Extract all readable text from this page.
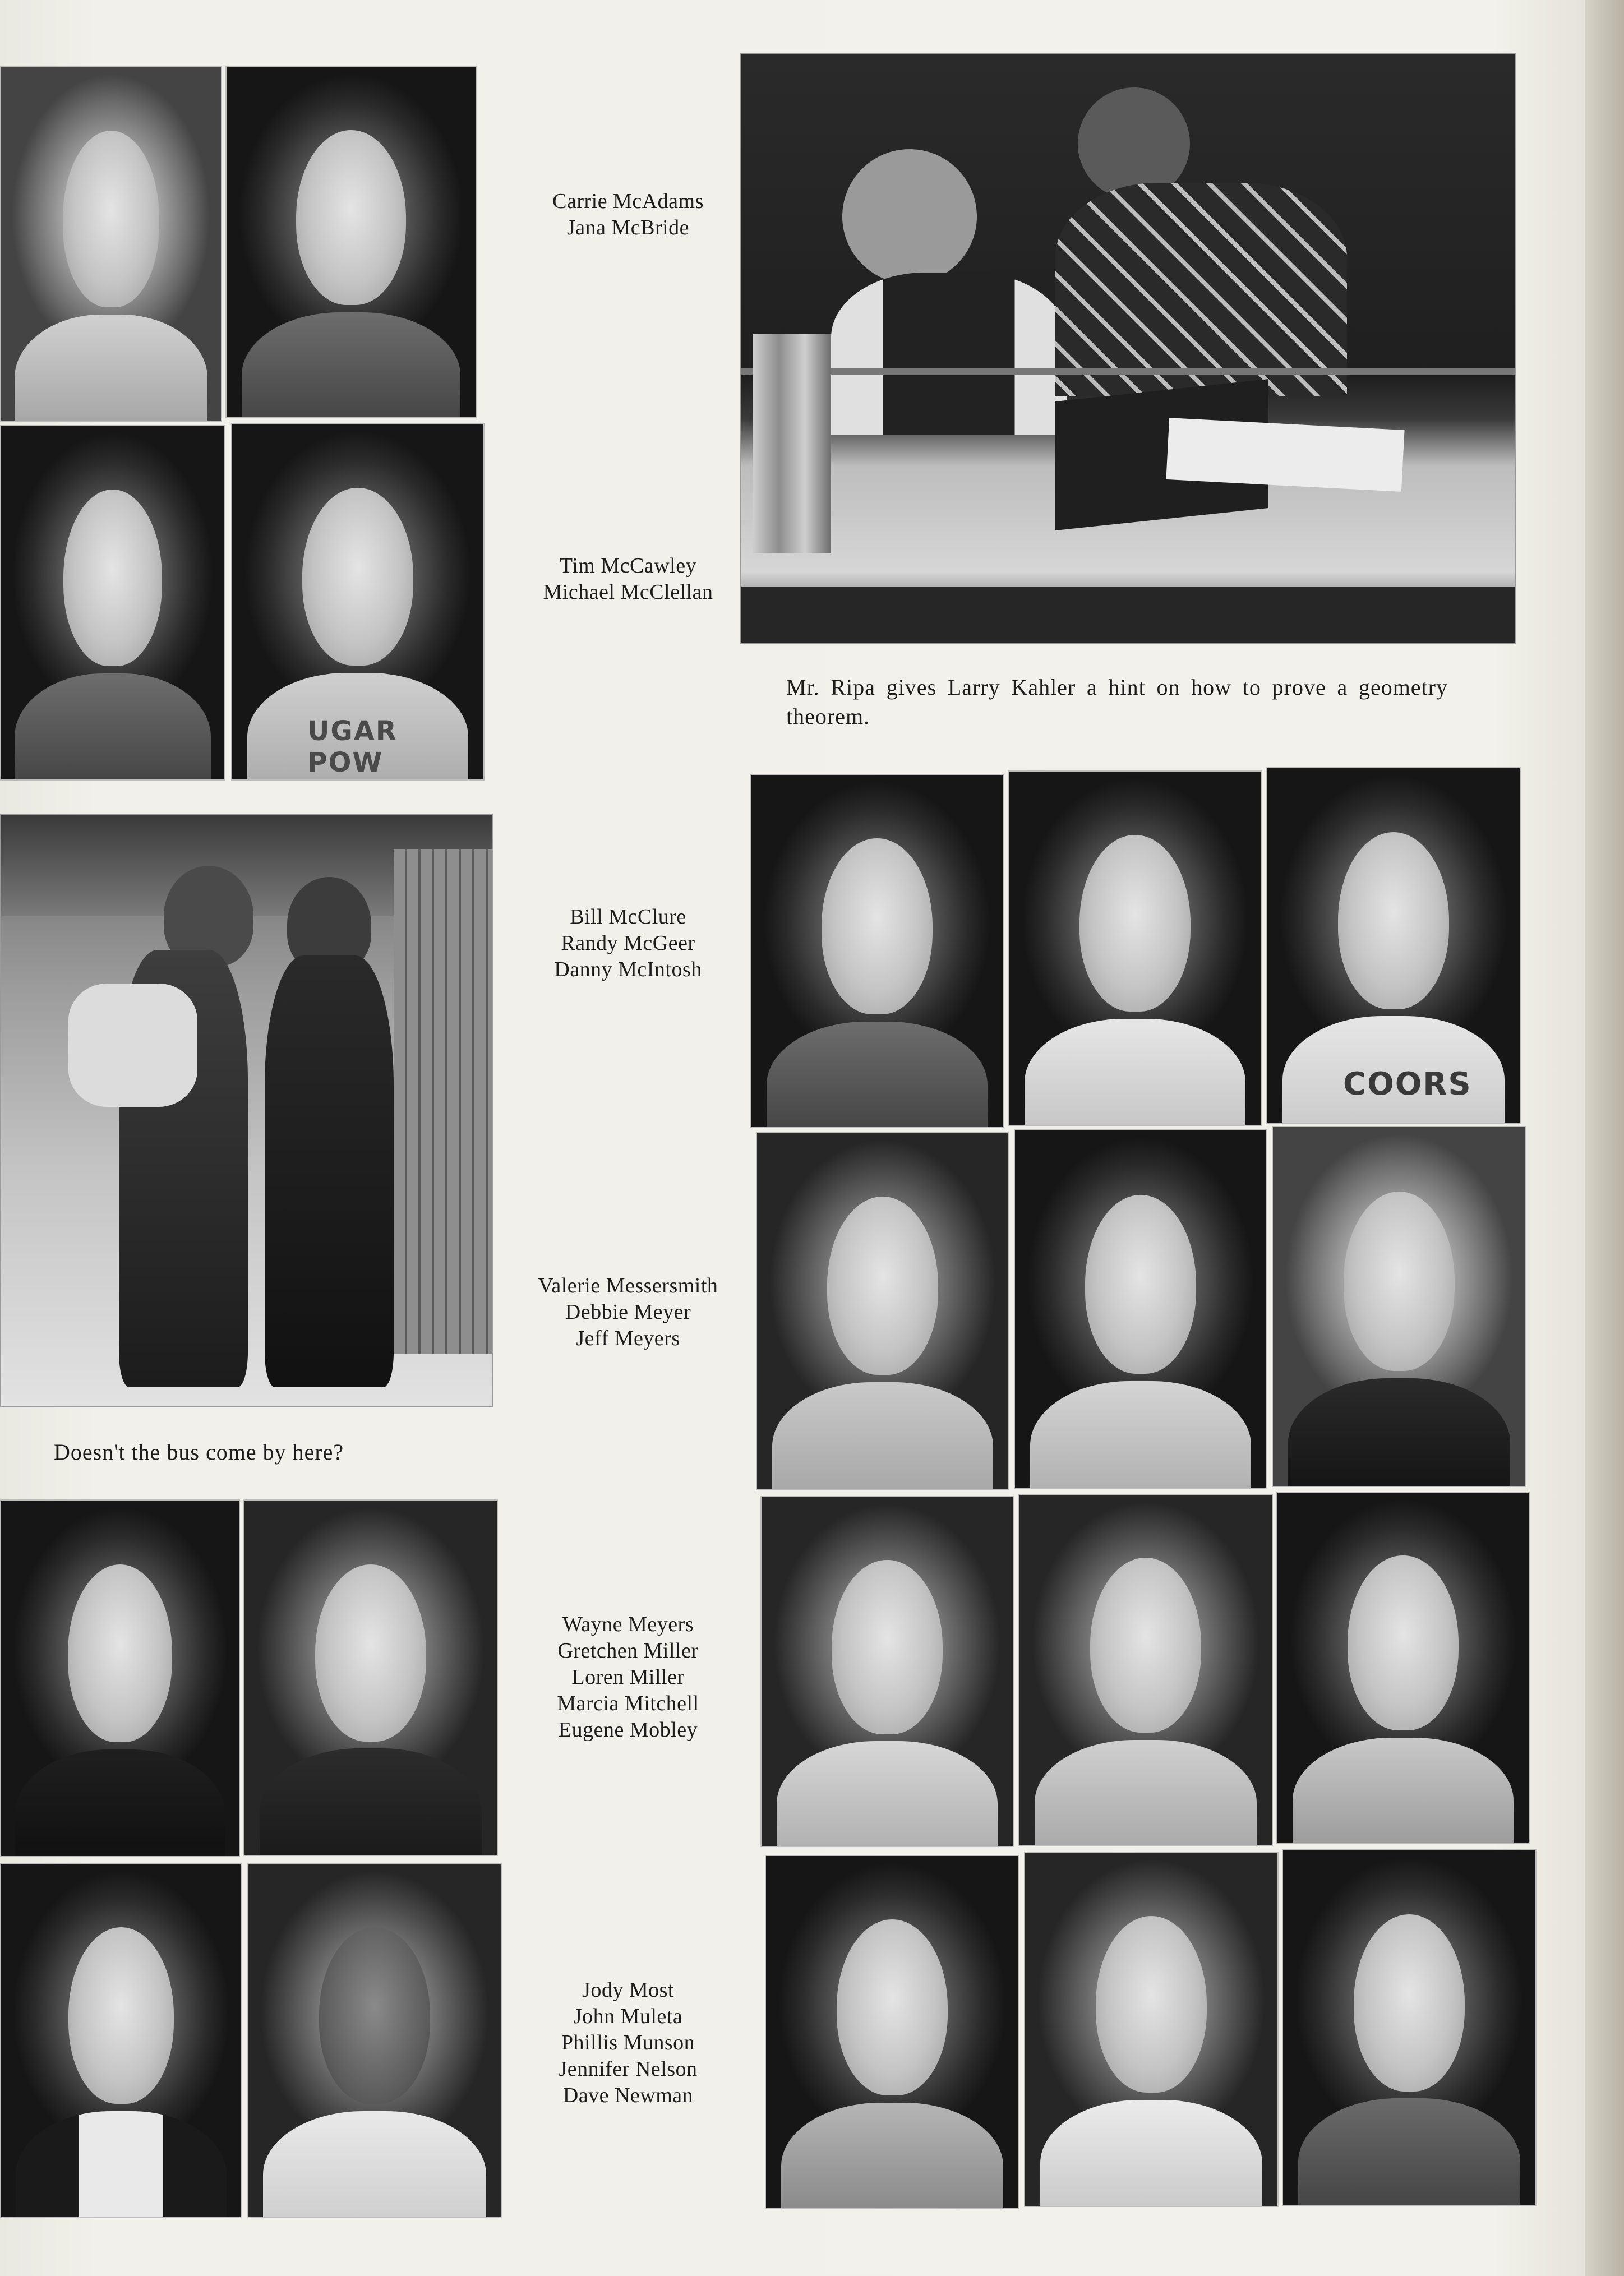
UGAR POW
Carrie McAdams
Jana McBride
Tim McCawley
Michael McClellan
Mr. Ripa gives Larry Kahler a hint on how to prove a geometry theorem.
Doesn't the bus come by here?
Bill McClure
Randy McGeer
Danny McIntosh
Valerie Messersmith
Debbie Meyer
Jeff Meyers
Wayne Meyers
Gretchen Miller
Loren Miller
Marcia Mitchell
Eugene Mobley
Jody Most
John Muleta
Phillis Munson
Jennifer Nelson
Dave Newman
COORS
